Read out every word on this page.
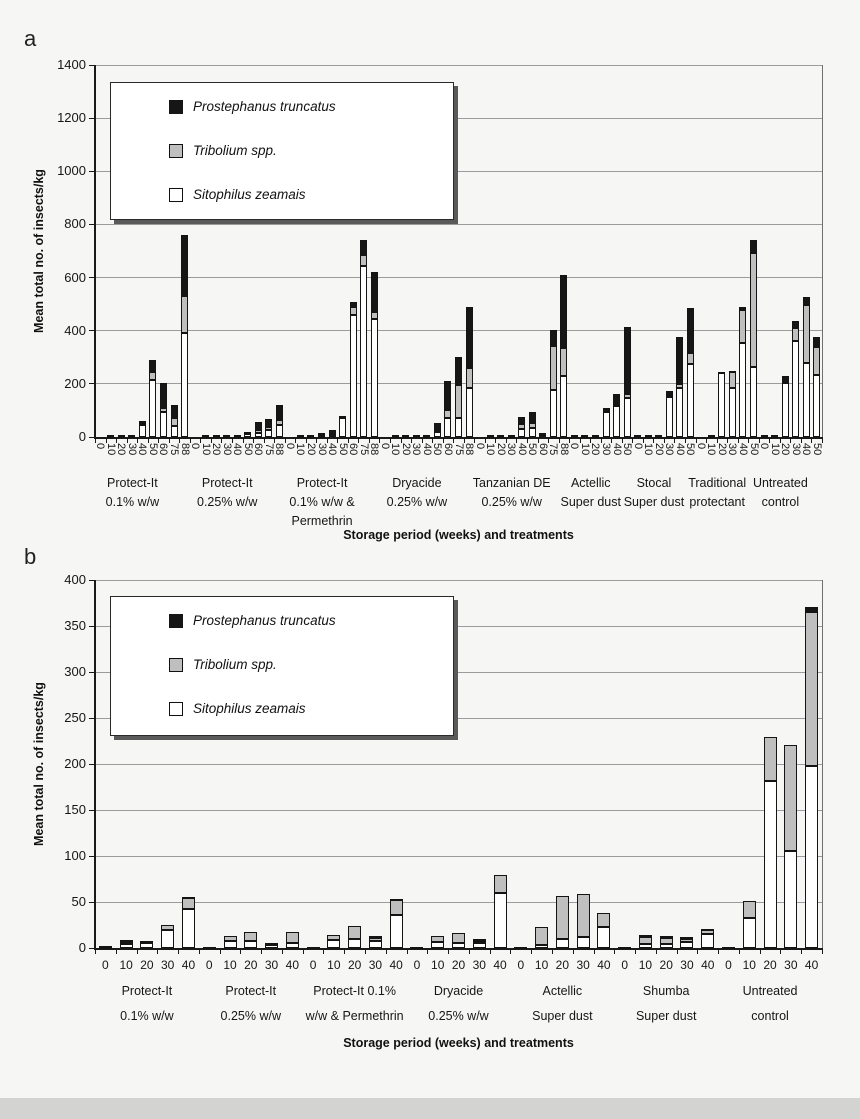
a
Mean total no. of insects/kg
0
200
400
600
800
1000
1200
1400
0
10
20
30
40
50
60
75
88
Protect-It
0.1% w/w
0
10
20
30
40
50
60
75
88
Protect-It
0.25% w/w
0
10
20
30
40
50
60
75
88
Protect-It
0.1% w/w &
Permethrin
0
10
20
30
40
50
60
75
88
Dryacide
0.25% w/w
0
10
20
30
40
50
60
75
88
Tanzanian DE
0.25% w/w
0
10
20
30
40
50
Actellic
Super dust
0
10
20
30
40
50
Stocal
Super dust
0
10
20
30
40
50
Traditional
protectant
0
10
20
30
40
50
Untreated
control
Storage period (weeks) and treatments
Prostephanus truncatus
Tribolium spp.
Sitophilus zeamais
b
Mean total no. of insects/kg
0
50
100
150
200
250
300
350
400
0 10 20 30 40
Protect-It
0.1% w/w
0 10 20 30 40
Protect-It
0.25% w/w
0 10 20 30 40
Protect-It 0.1%
w/w & Permethrin
0 10 20 30 40
Dryacide
0.25% w/w
0 10 20 30 40
Actellic
Super dust
0 10 20 30 40
Shumba
Super dust
0 10 20 30 40
Untreated
control
Storage period (weeks) and treatments
Prostephanus truncatus
Tribolium spp.
Sitophilus zeamais
